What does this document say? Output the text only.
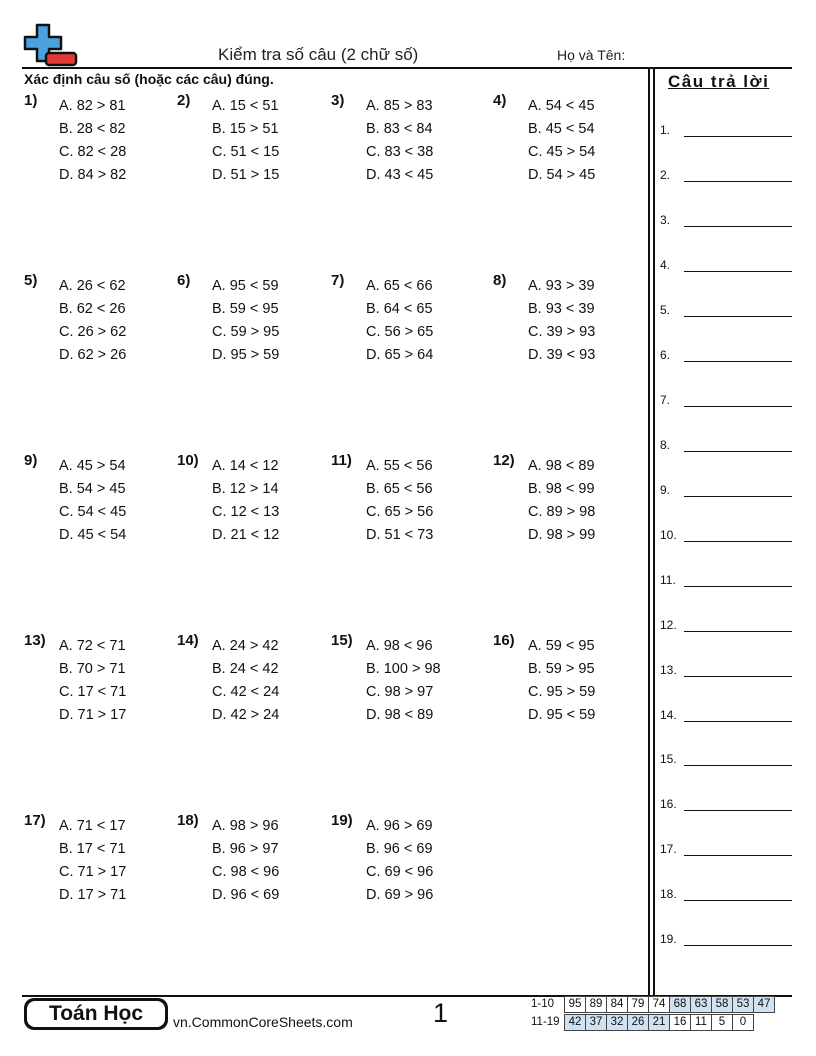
Kiểm tra số câu (2 chữ số)	Họ và Tên:
Xác định câu số (hoặc các câu) đúng.	Câu trả lời
1) A. 82 > 81
B. 28 < 82
C. 82 < 28
D. 84 > 82
2) A. 15 < 51
B. 15 > 51
C. 51 < 15
D. 51 > 15
3) A. 85 > 83
B. 83 < 84
C. 83 < 38
D. 43 < 45
4) A. 54 < 45
B. 45 < 54
C. 45 > 54
D. 54 > 45
5) A. 26 < 62
B. 62 < 26
C. 26 > 62
D. 62 > 26
6) A. 95 < 59
B. 59 < 95
C. 59 > 95
D. 95 > 59
7) A. 65 < 66
B. 64 < 65
C. 56 > 65
D. 65 > 64
8) A. 93 > 39
B. 93 < 39
C. 39 > 93
D. 39 < 93
9) A. 45 > 54
B. 54 > 45
C. 54 < 45
D. 45 < 54
10) A. 14 < 12
B. 12 > 14
C. 12 < 13
D. 21 < 12
11) A. 55 < 56
B. 65 < 56
C. 65 > 56
D. 51 < 73
12) A. 98 < 89
B. 98 < 99
C. 89 > 98
D. 98 > 99
13) A. 72 < 71
B. 70 > 71
C. 17 < 71
D. 71 > 17
14) A. 24 > 42
B. 24 < 42
C. 42 < 24
D. 42 > 24
15) A. 98 < 96
B. 100 > 98
C. 98 > 97
D. 98 < 89
16) A. 59 < 95
B. 59 > 95
C. 95 > 59
D. 95 < 59
17) A. 71 < 17
B. 17 < 71
C. 71 > 17
D. 17 > 71
18) A. 98 > 96
B. 96 > 97
C. 98 < 96
D. 96 < 69
19) A. 96 > 69
B. 96 < 69
C. 69 < 96
D. 69 > 96
1.
2.
3.
4.
5.
6.
7.
8.
9.
10.
11.
12.
13.
14.
15.
16.
17.
18.
19.
Toán Học	vn.CommonCoreSheets.com	1	1-10 95 89 84 79 74 68 63 58 53 47
11-19 42 37 32 26 21 16 11 5 0
